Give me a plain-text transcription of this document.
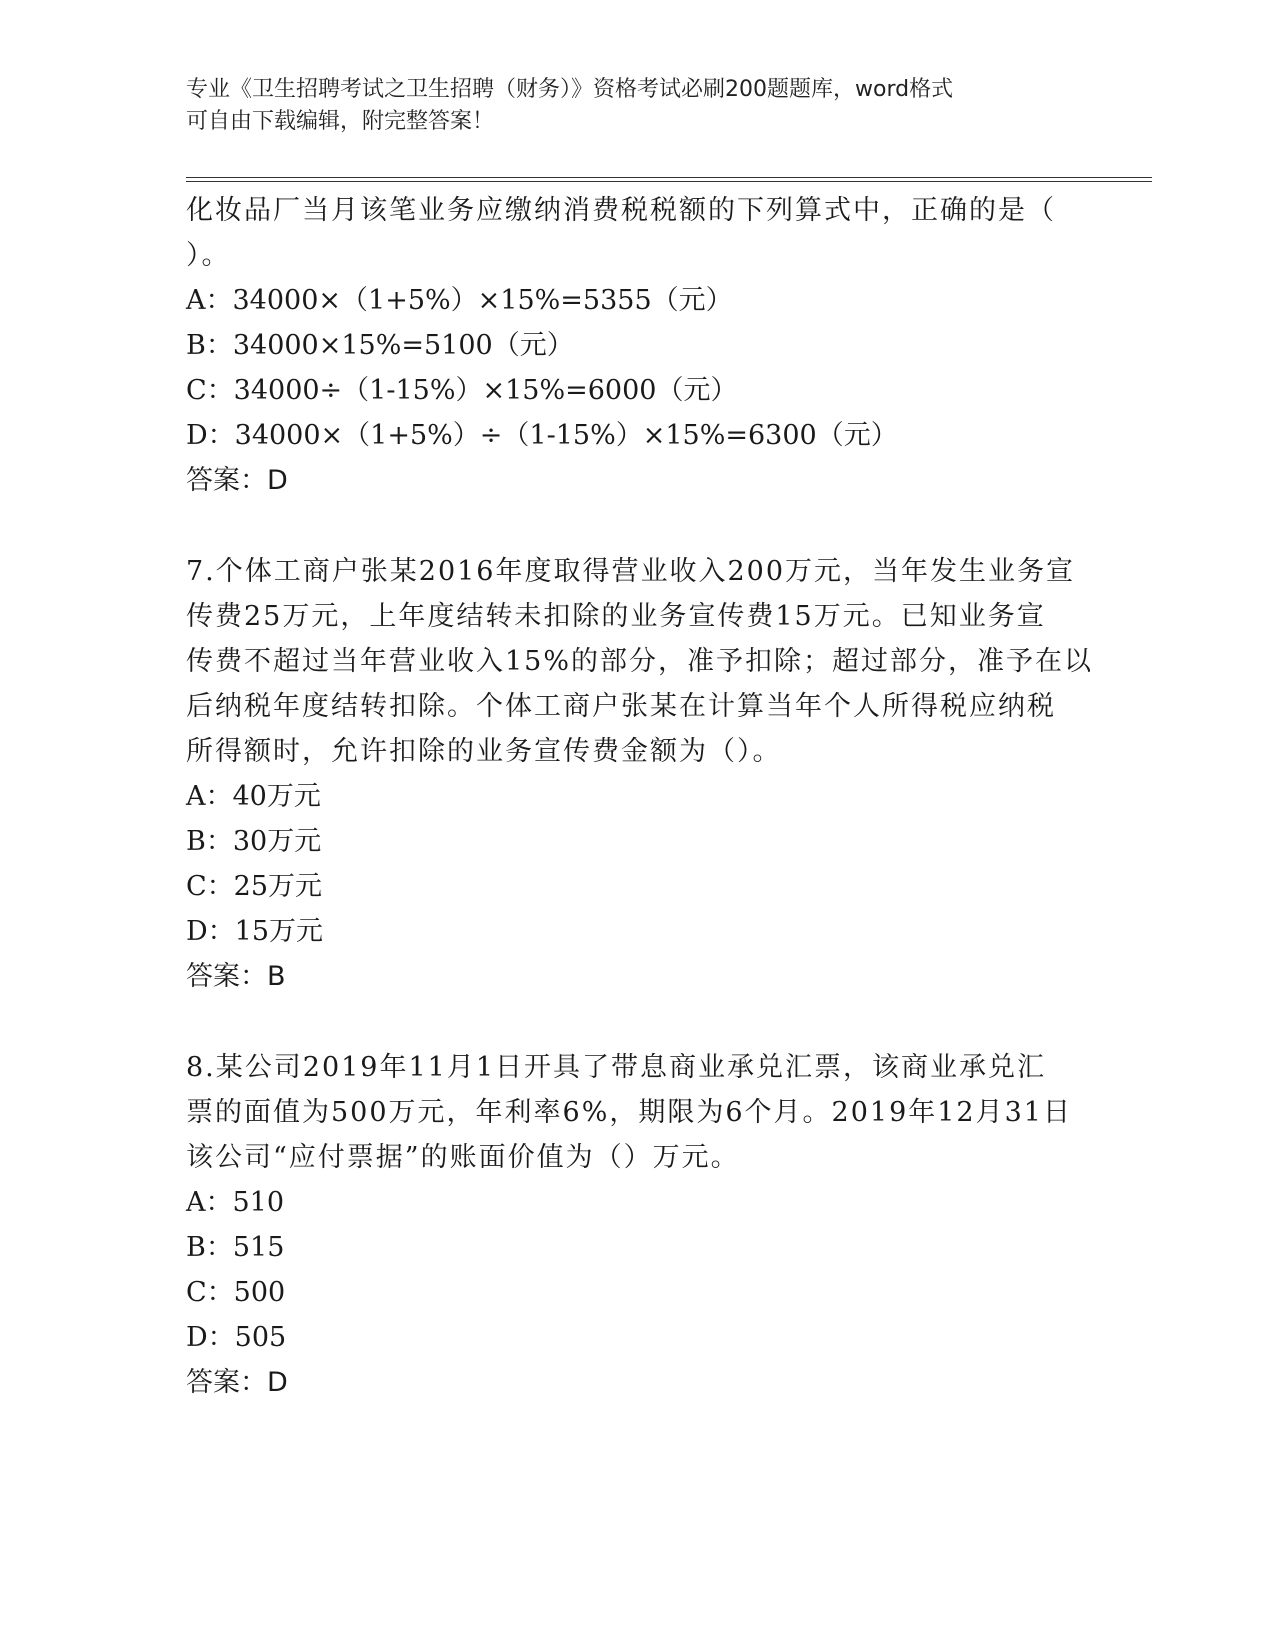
专业《卫生招聘考试之卫生招聘（财务）》资格考试必刷200题题库，word格式
可自由下载编辑，附完整答案！
化妆品厂当月该笔业务应缴纳消费税税额的下列算式中，正确的是（
）。
A：34000×（1+5%）×15%=5355（元）
B：34000×15%=5100（元）
C：34000÷（1-15%）×15%=6000（元）
D：34000×（1+5%）÷（1-15%）×15%=6300（元）
答案：D
7.个体工商户张某2016年度取得营业收入200万元，当年发生业务宣
传费25万元，上年度结转未扣除的业务宣传费15万元。已知业务宣
传费不超过当年营业收入15%的部分，准予扣除；超过部分，准予在以
后纳税年度结转扣除。个体工商户张某在计算当年个人所得税应纳税
所得额时，允许扣除的业务宣传费金额为（）。
A：40万元
B：30万元
C：25万元
D：15万元
答案：B
8.某公司2019年11月1日开具了带息商业承兑汇票，该商业承兑汇
票的面值为500万元，年利率6%，期限为6个月。2019年12月31日
该公司“应付票据”的账面价值为（）万元。
A：510
B：515
C：500
D：505
答案：D
